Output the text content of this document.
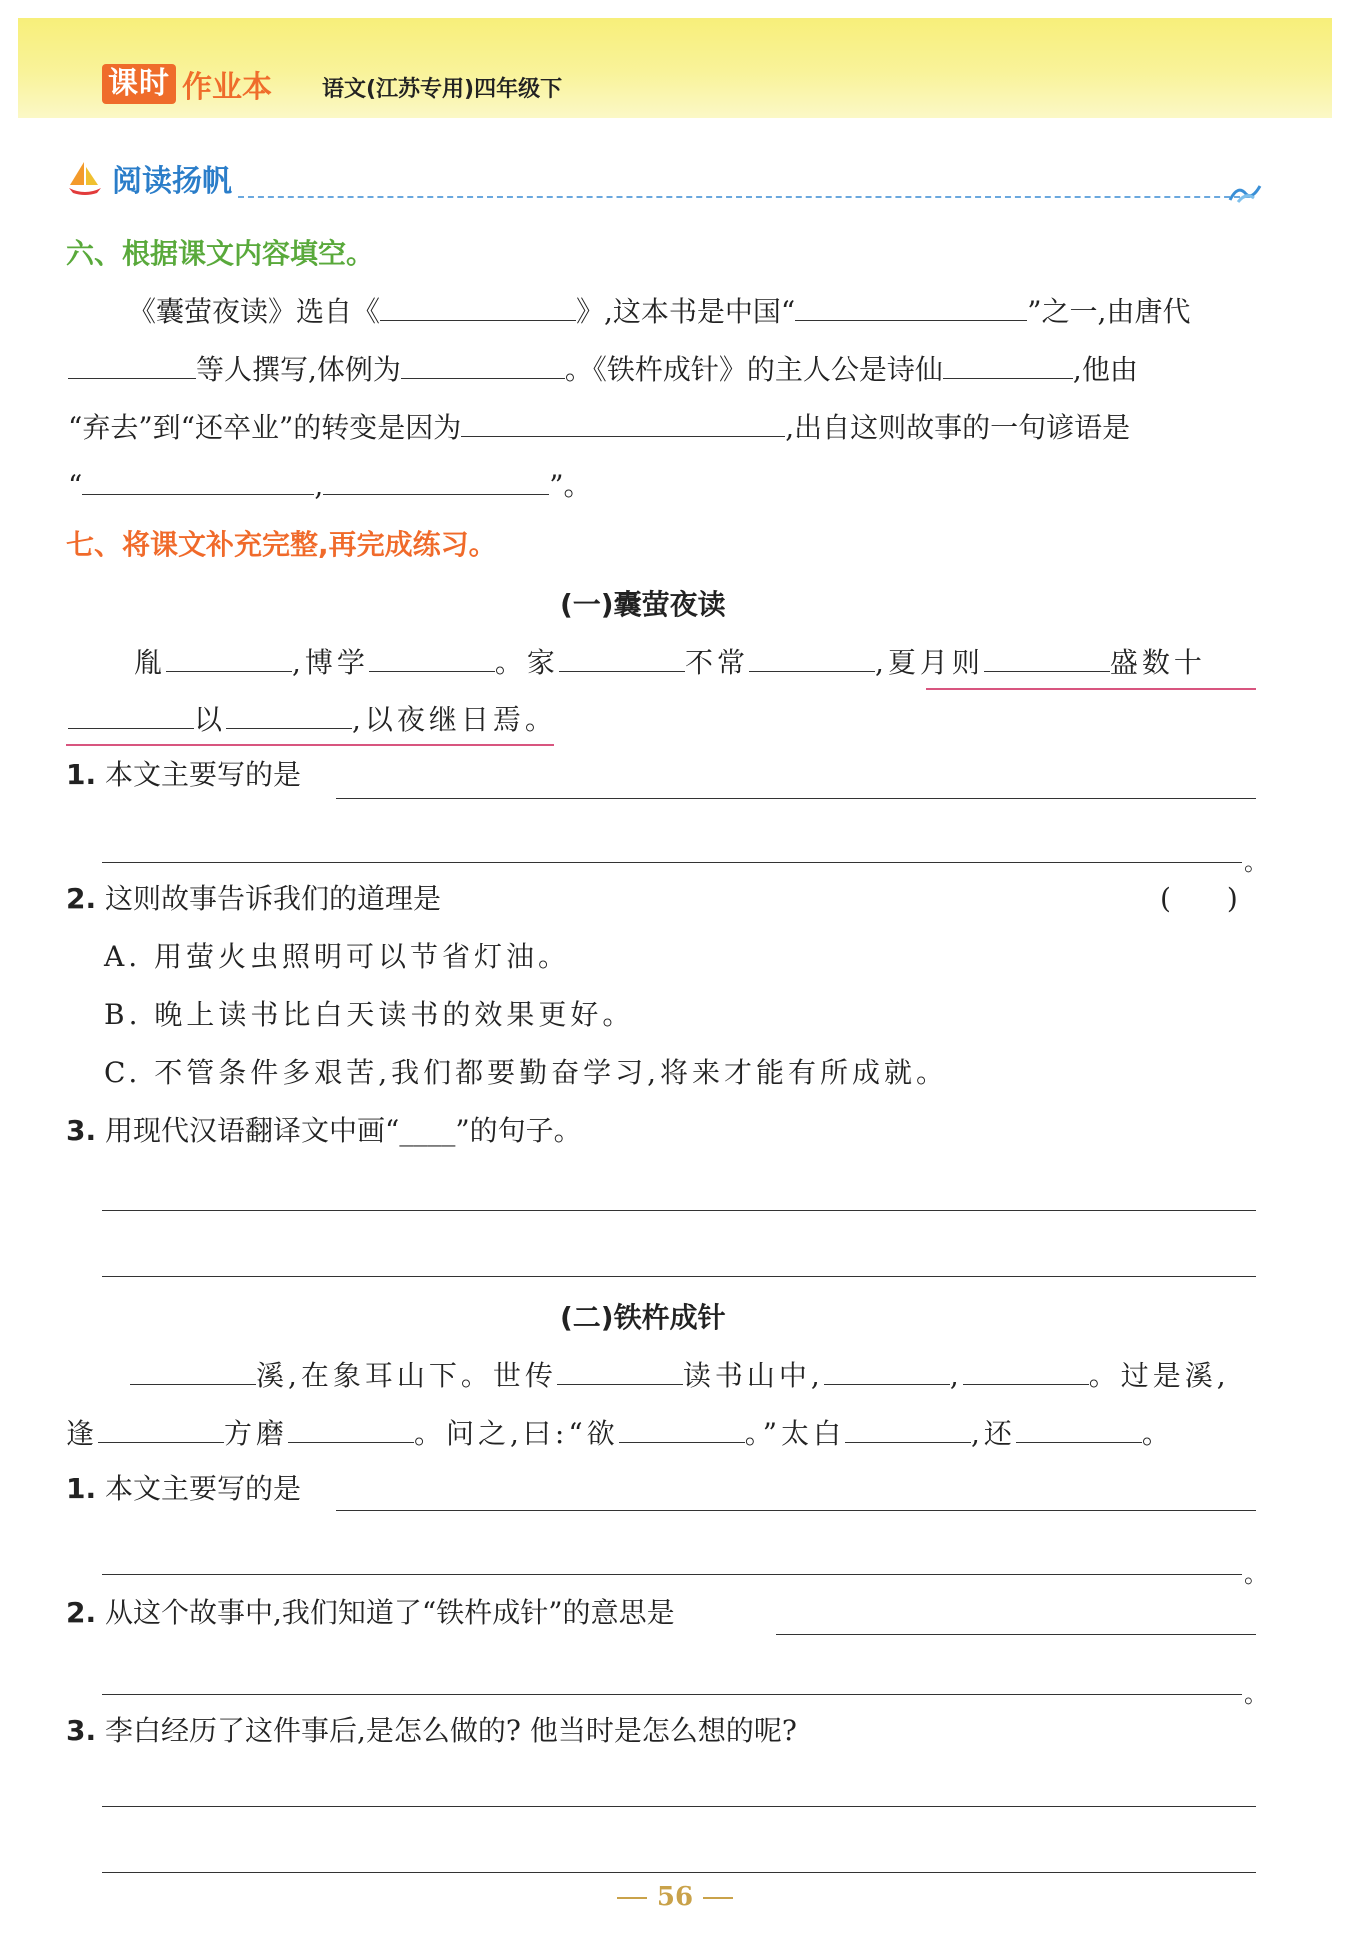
课时 作业本 语文(江苏专用)四年级下
阅读扬帆
六、根据课文内容填空。
《囊萤夜读》选自《	》,这本书是中国“	”之一,由唐代
等人撰写,体例为	。《铁杵成针》的主人公是诗仙	,他由
“弃去”到“还卒业”的转变是因为	,出自这则故事的一句谚语是
“	,	”。
七、将课文补充完整,再完成练习。
(一)囊萤夜读
胤	,博学	。家	不常	,夏月则	盛数十
以	,以夜继日焉。
1. 本文主要写的是
。
2. 这则故事告诉我们的道理是	(　　)
A. 用萤火虫照明可以节省灯油。
B. 晚上读书比白天读书的效果更好。
C. 不管条件多艰苦,我们都要勤奋学习,将来才能有所成就。
3. 用现代汉语翻译文中画“____”的句子。
(二)铁杵成针
溪,在象耳山下。世传	读书山中,	,	。过是溪,
逢	方磨	。问之,曰:“欲	。”太白	,还	。
1. 本文主要写的是
。
2. 从这个故事中,我们知道了“铁杵成针”的意思是
。
3. 李白经历了这件事后,是怎么做的? 他当时是怎么想的呢?
56
